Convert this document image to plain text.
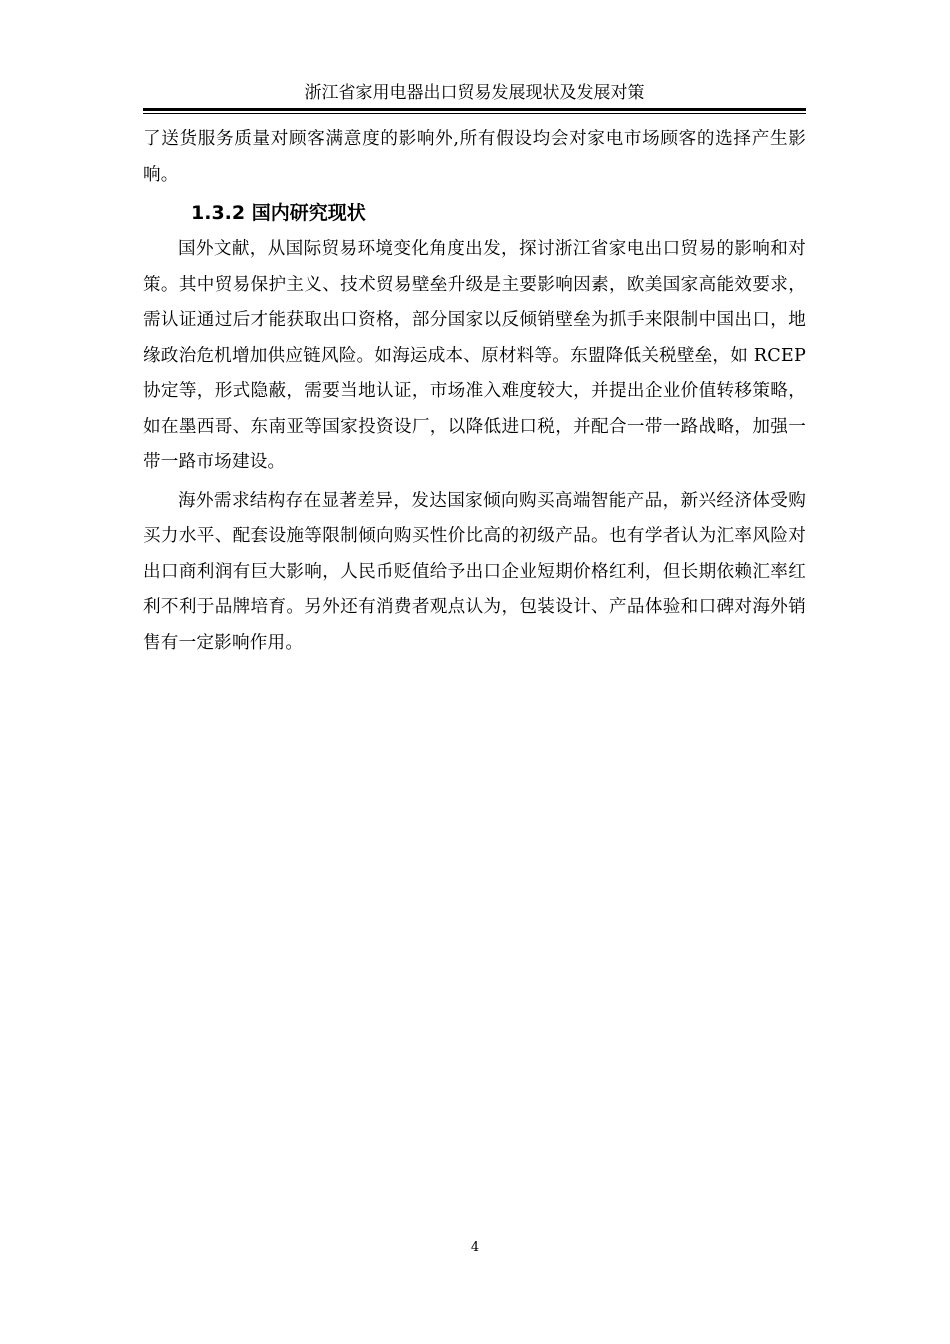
浙江省家用电器出口贸易发展现状及发展对策

了送货服务质量对顾客满意度的影响外,所有假设均会对家电市场顾客的选择产生影响。

1.3.2 国内研究现状

国外文献，从国际贸易环境变化角度出发，探讨浙江省家电出口贸易的影响和对策。其中贸易保护主义、技术贸易壁垒升级是主要影响因素，欧美国家高能效要求，需认证通过后才能获取出口资格，部分国家以反倾销壁垒为抓手来限制中国出口，地缘政治危机增加供应链风险。如海运成本、原材料等。东盟降低关税壁垒，如 RCEP 协定等，形式隐蔽，需要当地认证，市场准入难度较大，并提出企业价值转移策略，如在墨西哥、东南亚等国家投资设厂，以降低进口税，并配合一带一路战略，加强一带一路市场建设。

海外需求结构存在显著差异，发达国家倾向购买高端智能产品，新兴经济体受购买力水平、配套设施等限制倾向购买性价比高的初级产品。也有学者认为汇率风险对出口商利润有巨大影响，人民币贬值给予出口企业短期价格红利，但长期依赖汇率红利不利于品牌培育。另外还有消费者观点认为，包装设计、产品体验和口碑对海外销售有一定影响作用。

4
